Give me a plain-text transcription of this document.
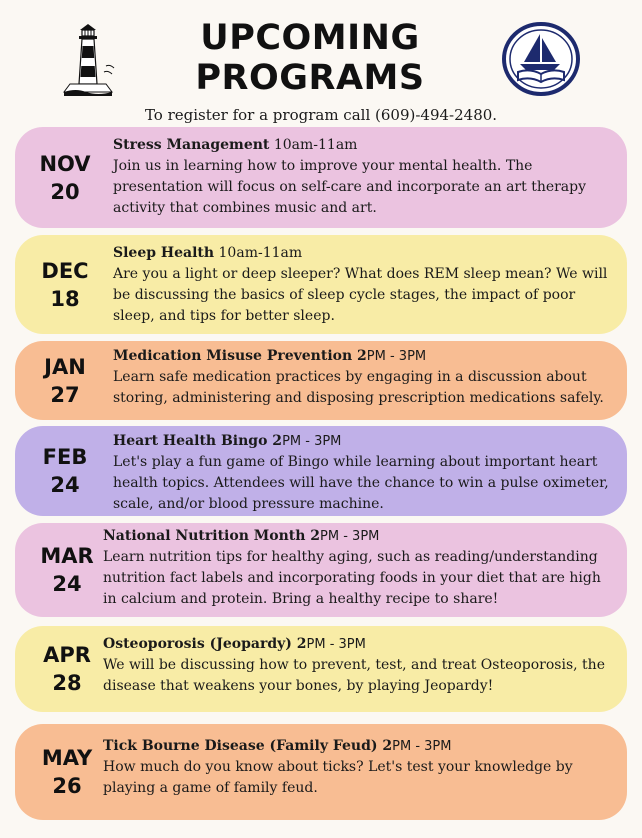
UPCOMING
PROGRAMS
To register for a program call (609)-494-2480.
NOV
20
Stress Management 10am-11am
Join us in learning how to improve your mental health. The presentation will focus on self-care and incorporate an art therapy activity that combines music and art.
DEC
18
Sleep Health 10am-11am
Are you a light or deep sleeper? What does REM sleep mean? We will be discussing the basics of sleep cycle stages, the impact of poor sleep, and tips for better sleep.
JAN
27
Medication Misuse Prevention 2PM - 3PM
Learn safe medication practices by engaging in a discussion about storing, administering and disposing prescription medications safely.
FEB
24
Heart Health Bingo 2PM - 3PM
Let's play a fun game of Bingo while learning about important heart health topics. Attendees will have the chance to win a pulse oximeter, scale, and/or blood pressure machine.
MAR
24
National Nutrition Month 2PM - 3PM
Learn nutrition tips for healthy aging, such as reading/understanding nutrition fact labels and incorporating foods in your diet that are high in calcium and protein. Bring a healthy recipe to share!
APR
28
Osteoporosis (Jeopardy) 2PM - 3PM
We will be discussing how to prevent, test, and treat Osteoporosis, the disease that weakens your bones, by playing Jeopardy!
MAY
26
Tick Bourne Disease (Family Feud) 2PM - 3PM
How much do you know about ticks? Let's test your knowledge by playing a game of family feud.
